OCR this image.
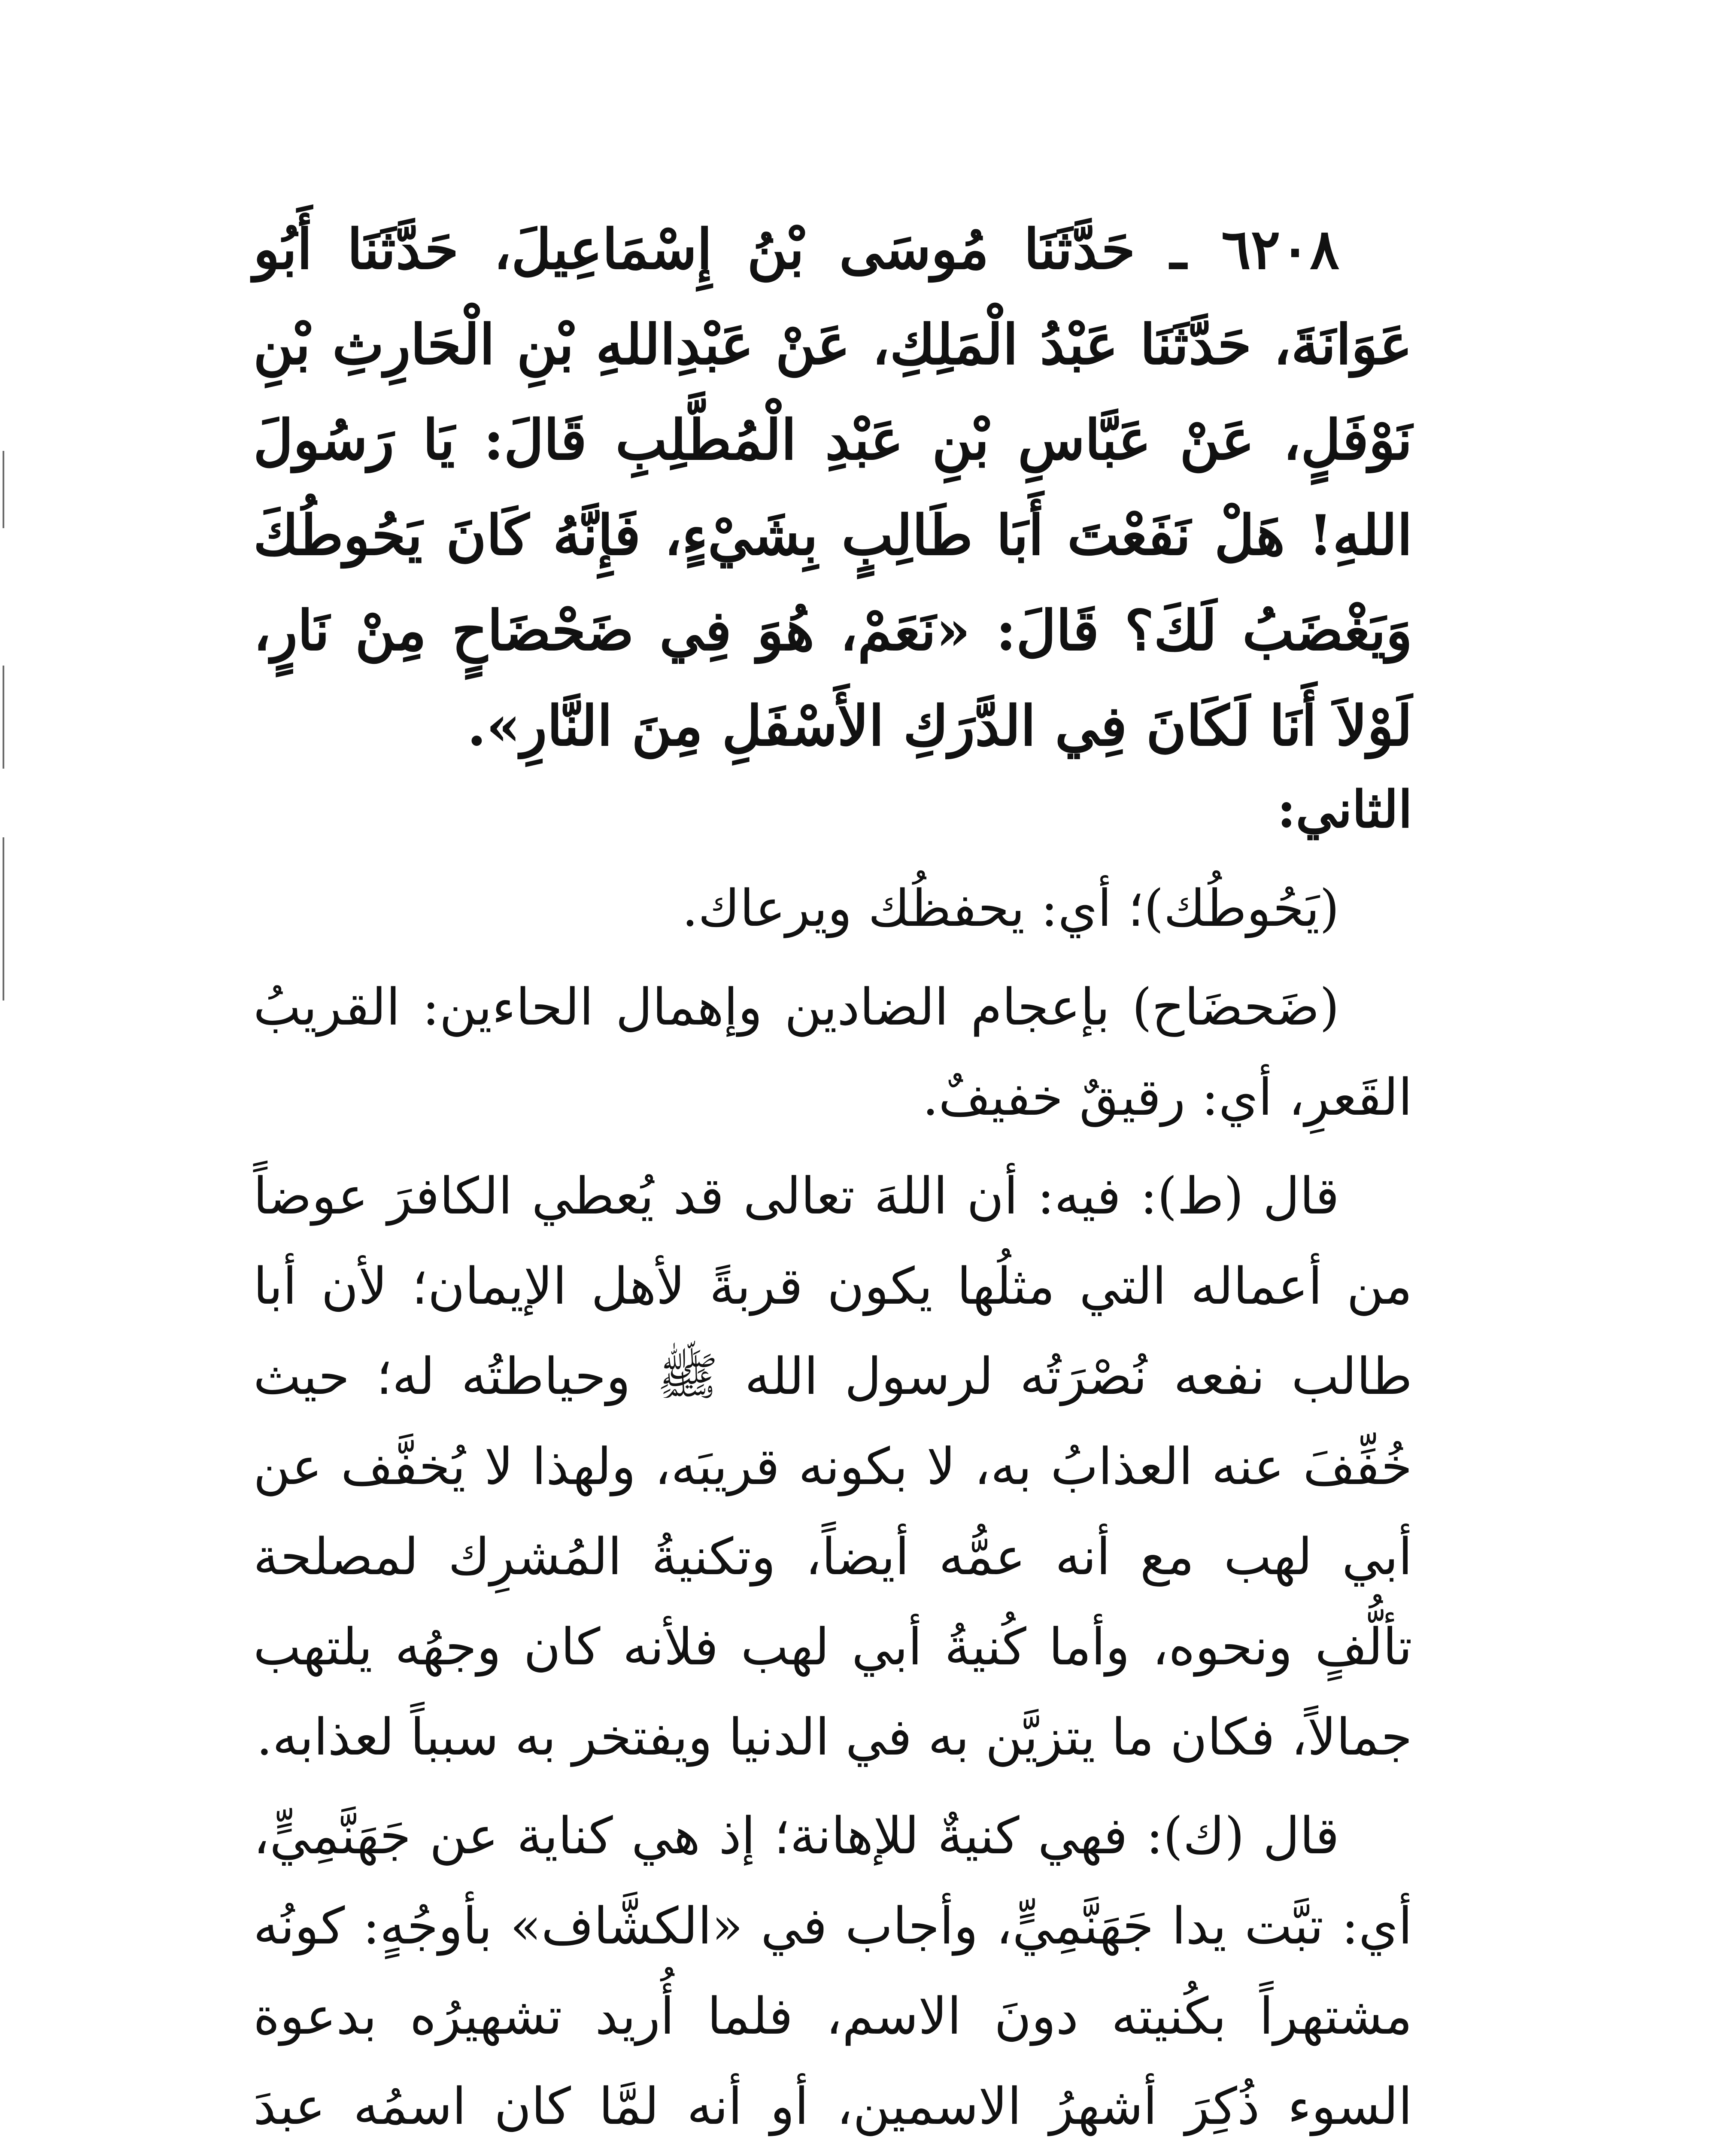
٦٢٠٨ ـ حَدَّثَنَا مُوسَى بْنُ إِسْمَاعِيلَ، حَدَّثَنَا أَبُو عَوَانَةَ، حَدَّثَنَا عَبْدُ الْمَلِكِ، عَنْ عَبْدِاللهِ بْنِ الْحَارِثِ بْنِ نَوْفَلٍ، عَنْ عَبَّاسِ بْنِ عَبْدِ الْمُطَّلِبِ قَالَ: يَا رَسُولَ اللهِ! هَلْ نَفَعْتَ أَبَا طَالِبٍ بِشَيْءٍ، فَإِنَّهُ كَانَ يَحُوطُكَ وَيَغْضَبُ لَكَ؟ قَالَ: «نَعَمْ، هُوَ فِي ضَحْضَاحٍ مِنْ نَارٍ، لَوْلاَ أَنَا لَكَانَ فِي الدَّرَكِ الأَسْفَلِ مِنَ النَّارِ».

الثاني:

(يَحُوطُك)؛ أي: يحفظُك ويرعاك.

(ضَحضَاح) بإعجام الضادين وإهمال الحاءين: القريبُ القَعرِ، أي: رقيقٌ خفيفٌ.

قال (ط): فيه: أن اللهَ تعالى قد يُعطي الكافرَ عوضاً من أعماله التي مثلُها يكون قربةً لأهل الإيمان؛ لأن أبا طالب نفعه نُصْرَتُه لرسول الله ﷺ وحياطتُه له؛ حيث خُفِّفَ عنه العذابُ به، لا بكونه قريبَه، ولهذا لا يُخفَّف عن أبي لهب مع أنه عمُّه أيضاً، وتكنيةُ المُشرِك لمصلحة تألُّفٍ ونحوه، وأما كُنيةُ أبي لهب فلأنه كان وجهُه يلتهب جمالاً، فكان ما يتزيَّن به في الدنيا ويفتخر به سبباً لعذابه.

قال (ك): فهي كنيةٌ للإهانة؛ إذ هي كناية عن جَهَنَّمِيٍّ، أي: تبَّت يدا جَهَنَّمِيٍّ، وأجاب في «الكشَّاف» بأوجُهٍ: كونُه مشتهراً بكُنيته دونَ الاسم، فلما أُريد تشهيرُه بدعوة السوء ذُكِرَ أشهرُ الاسمين، أو أنه لمَّا كان اسمُه عبدَ
